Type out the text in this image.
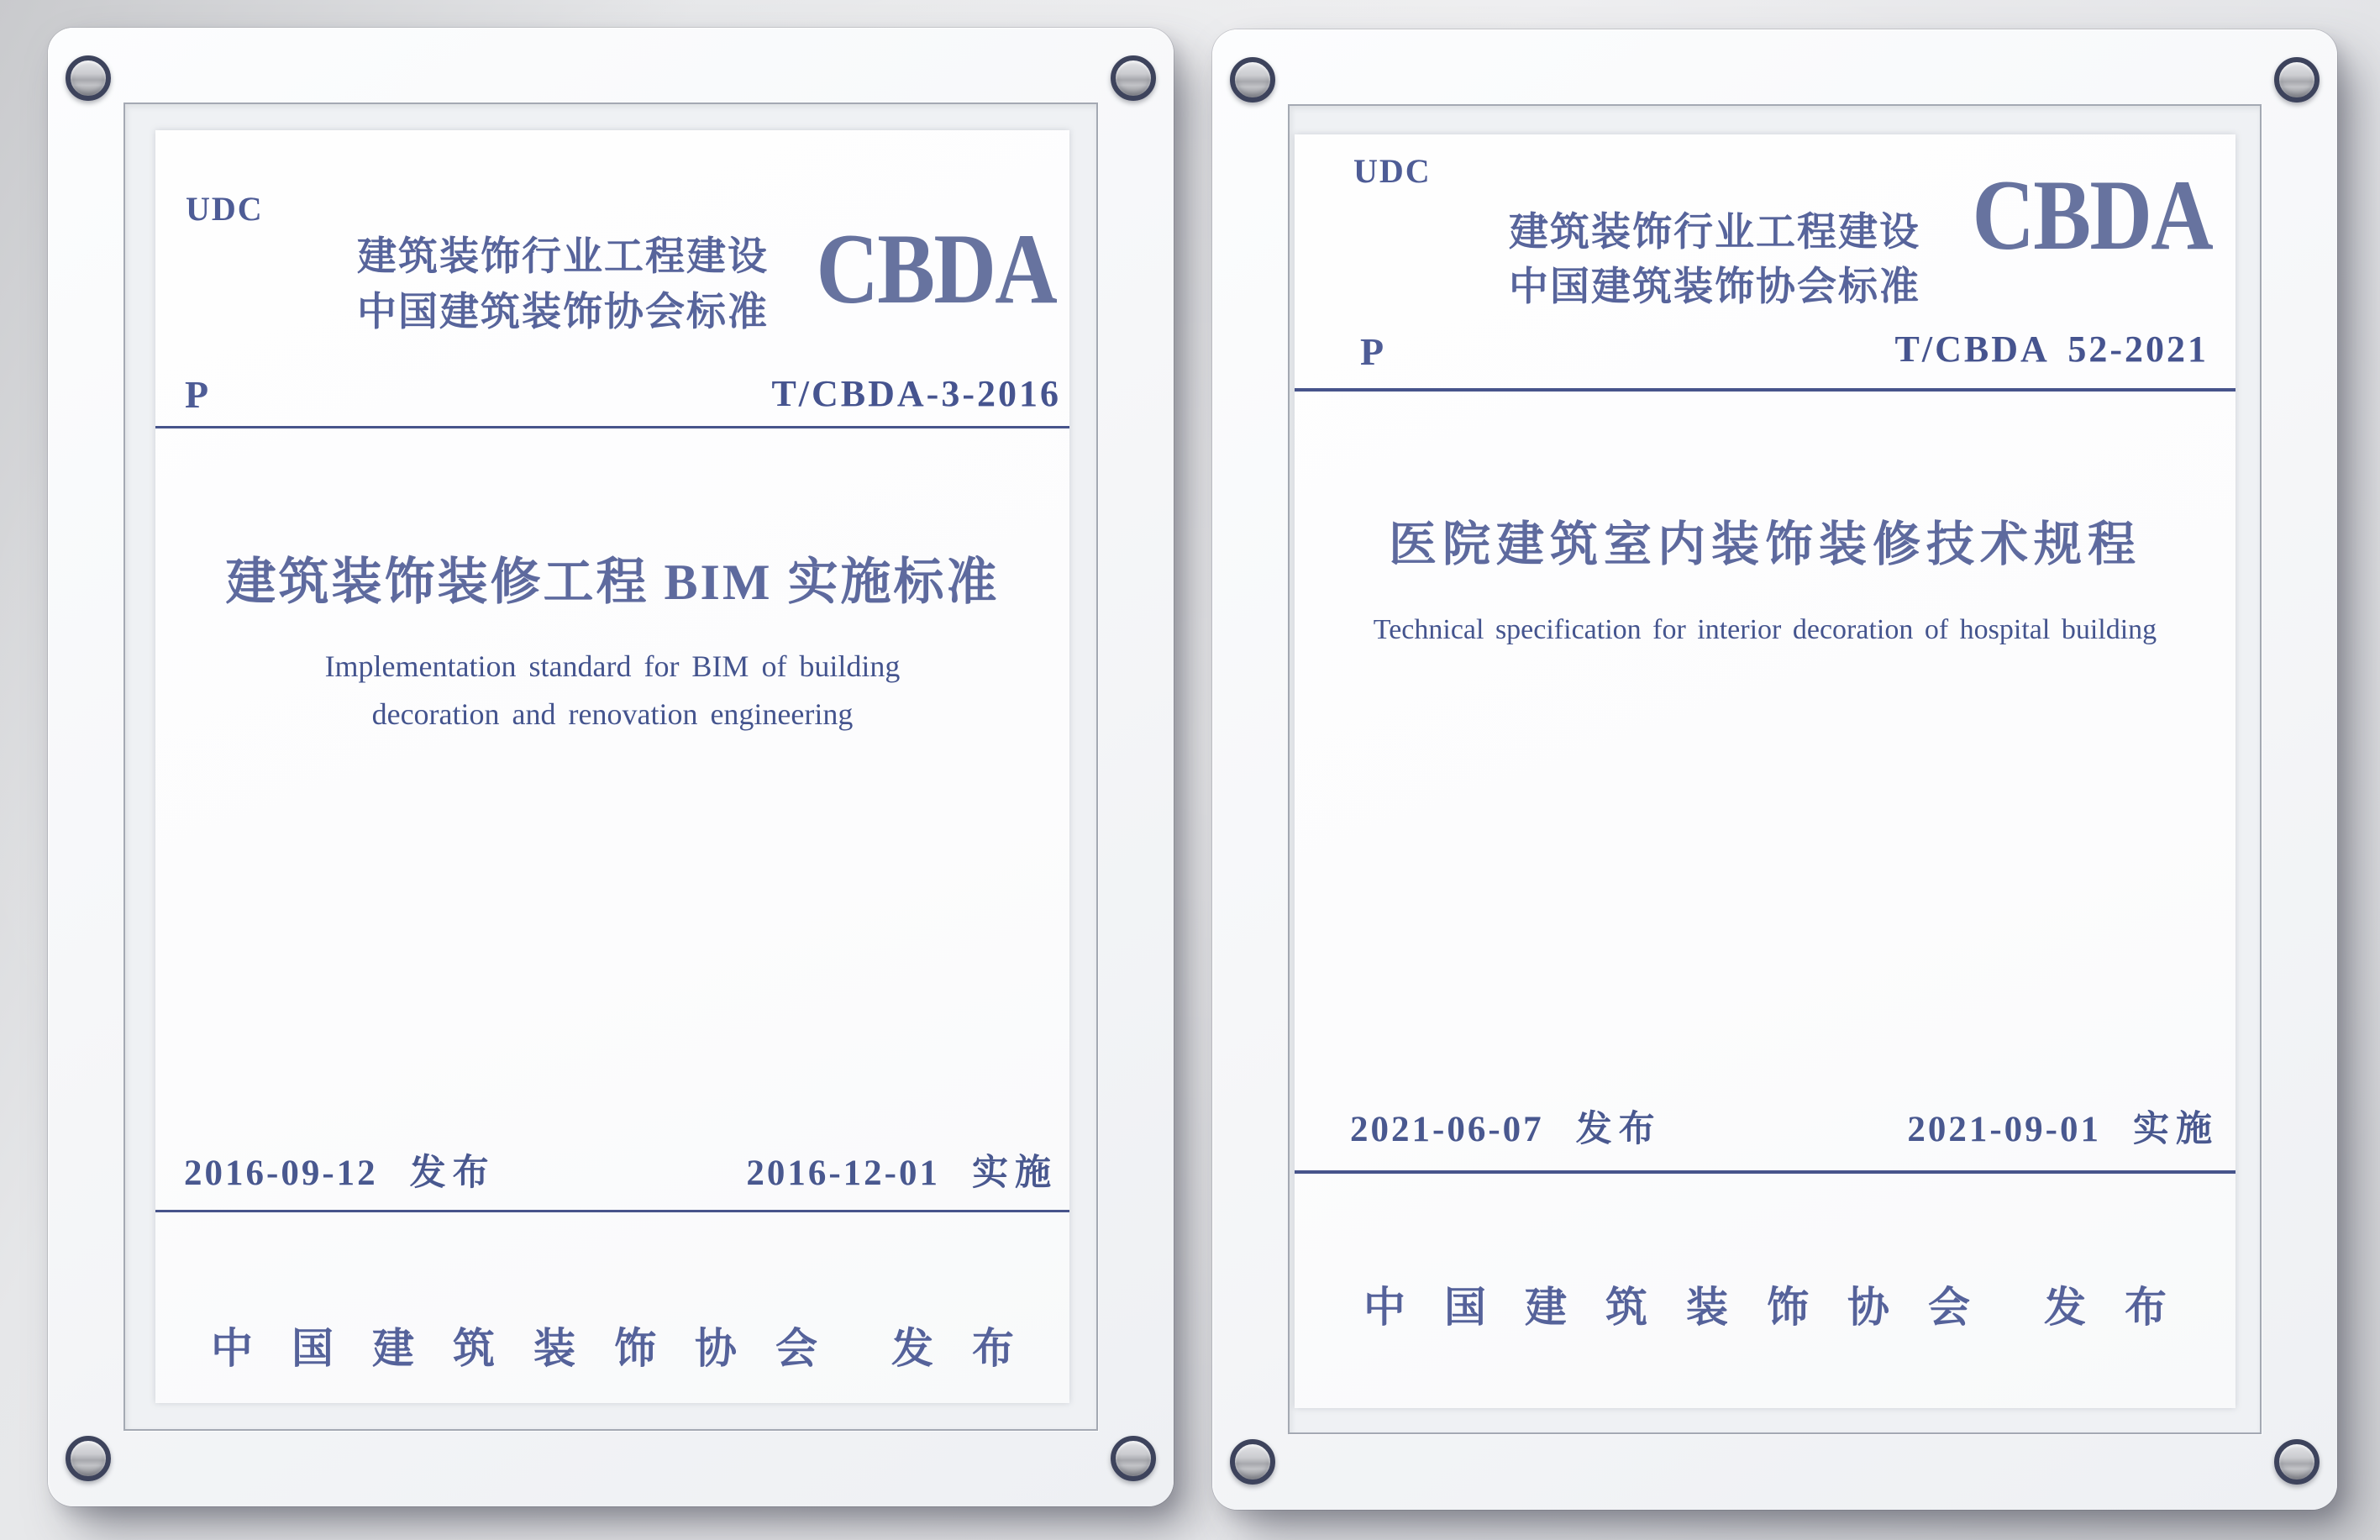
UDC
建筑装饰行业工程建设
中国建筑装饰协会标准 CBDA
P	T/CBDA-3-2016
建筑装饰装修工程 BIM 实施标准
Implementation standard for BIM of building
decoration and renovation engineering
2016-09-12 发布	2016-12-01 实施
中国建筑装饰协会 发布
UDC
建筑装饰行业工程建设
中国建筑装饰协会标准
CBDA
P	T/CBDA 52-2021
医院建筑室内装饰装修技术规程
Technical specification for interior decoration of hospital building
2021-06-07 发布	2021-09-01 实施
中国建筑装饰协会 发布
